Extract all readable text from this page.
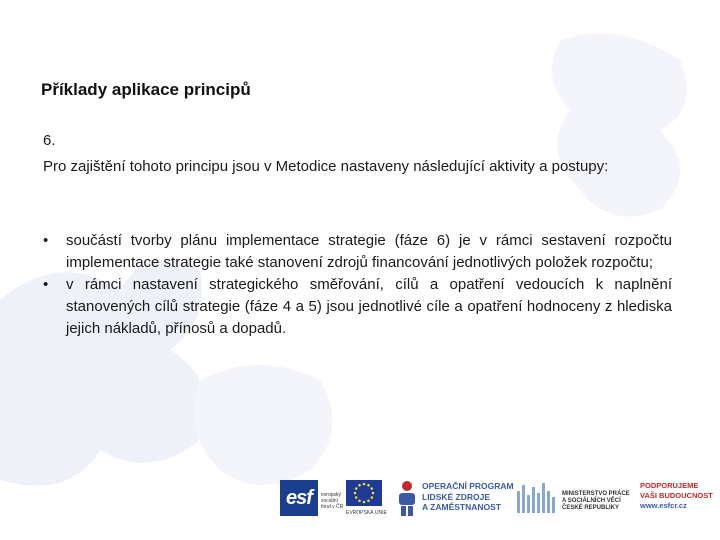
Příklady aplikace principů
6.
Pro zajištění tohoto principu jsou v Metodice nastaveny následující aktivity a postupy:
•	součástí tvorby plánu implementace strategie (fáze 6) je v rámci sestavení rozpočtu implementace strategie také stanovení zdrojů financování jednotlivých položek rozpočtu;
•	v rámci nastavení strategického směřování, cílů a opatření vedoucích k naplnění stanovených cílů strategie (fáze 4 a 5) jsou jednotlivé cíle a opatření hodnoceny z hlediska jejich nákladů, přínosů a dopadů.
esf	evropský
sociální
fond v ČR
EVROPSKÁ UNIE
OPERAČNÍ PROGRAM
LIDSKÉ ZDROJE
A ZAMĚSTNANOST
MINISTERSTVO PRÁCE
A SOCIÁLNÍCH VĚCÍ
ČESKÉ REPUBLIKY
PODPORUJEME
VAŠI BUDOUCNOST
www.esfcr.cz
